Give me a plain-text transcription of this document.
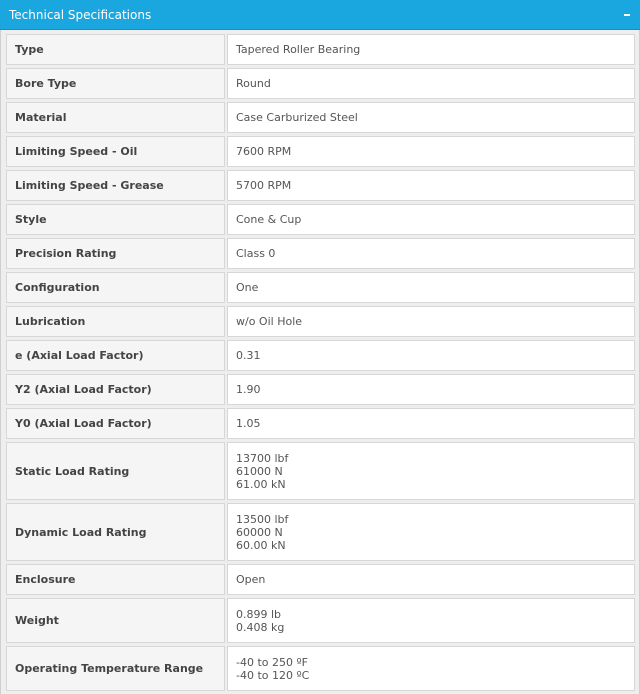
Technical Specifications
Type	Tapered Roller Bearing

Bore Type	Round

Material	Case Carburized Steel

Limiting Speed - Oil	7600 RPM

Limiting Speed - Grease	5700 RPM

Style	Cone & Cup

Precision Rating	Class 0

Configuration	One

Lubrication	w/o Oil Hole

e (Axial Load Factor)	0.31

Y2 (Axial Load Factor)	1.90

Y0 (Axial Load Factor)	1.05

Static Load Rating	13700 lbf
61000 N
61.00 kN

Dynamic Load Rating	13500 lbf
60000 N
60.00 kN

Enclosure	Open

Weight	0.899 lb
0.408 kg

Operating Temperature Range	-40 to 250 ºF
-40 to 120 ºC
